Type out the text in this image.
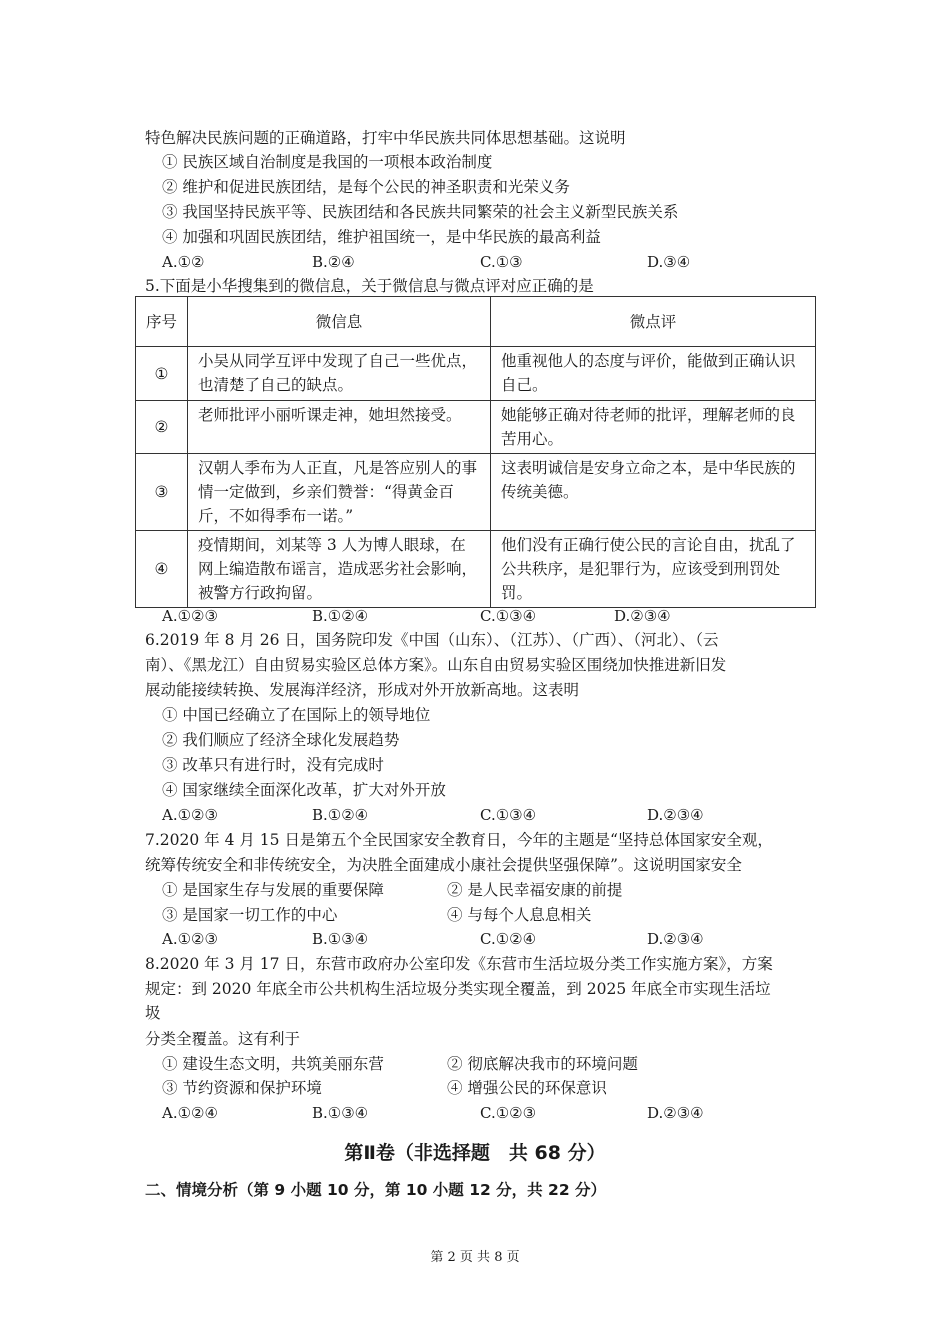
特色解决民族问题的正确道路，打牢中华民族共同体思想基础。这说明
① 民族区域自治制度是我国的一项根本政治制度
② 维护和促进民族团结，是每个公民的神圣职责和光荣义务
③ 我国坚持民族平等、民族团结和各民族共同繁荣的社会主义新型民族关系
④ 加强和巩固民族团结，维护祖国统一，是中华民族的最高利益
A.①②	B.②④	C.①③	D.③④
5.下面是小华搜集到的微信息，关于微信息与微点评对应正确的是
序号	微信息	微点评
①	小吴从同学互评中发现了自己一些优点，也清楚了自己的缺点。	他重视他人的态度与评价，能做到正确认识自己。
②	老师批评小丽听课走神，她坦然接受。	她能够正确对待老师的批评，理解老师的良苦用心。
③	汉朝人季布为人正直，凡是答应别人的事情一定做到，乡亲们赞誉：“得黄金百斤，不如得季布一诺。”	这表明诚信是安身立命之本，是中华民族的传统美德。
④	疫情期间，刘某等 3 人为博人眼球，在网上编造散布谣言，造成恶劣社会影响，被警方行政拘留。	他们没有正确行使公民的言论自由，扰乱了公共秩序，是犯罪行为，应该受到刑罚处罚。
A.①②③	B.①②④	C.①③④	D.②③④
6.2019 年 8 月 26 日，国务院印发《中国（山东）、（江苏）、（广西）、（河北）、（云
南）、《黑龙江）自由贸易实验区总体方案》。山东自由贸易实验区围绕加快推进新旧发
展动能接续转换、发展海洋经济，形成对外开放新高地。这表明
① 中国已经确立了在国际上的领导地位
② 我们顺应了经济全球化发展趋势
③ 改革只有进行时，没有完成时
④ 国家继续全面深化改革，扩大对外开放
A.①②③	B.①②④	C.①③④	D.②③④
7.2020 年 4 月 15 日是第五个全民国家安全教育日，今年的主题是“坚持总体国家安全观，
统筹传统安全和非传统安全，为决胜全面建成小康社会提供坚强保障”。这说明国家安全
① 是国家生存与发展的重要保障	② 是人民幸福安康的前提
③ 是国家一切工作的中心	④ 与每个人息息相关
A.①②③	B.①③④	C.①②④	D.②③④
8.2020 年 3 月 17 日，东营市政府办公室印发《东营市生活垃圾分类工作实施方案》，方案
规定：到 2020 年底全市公共机构生活垃圾分类实现全覆盖，到 2025 年底全市实现生活垃
圾
分类全覆盖。这有利于
① 建设生态文明，共筑美丽东营	② 彻底解决我市的环境问题
③ 节约资源和保护环境	④ 增强公民的环保意识
A.①②④	B.①③④	C.①②③	D.②③④
第Ⅱ卷（非选择题　共 68 分）
二、情境分析（第 9 小题 10 分，第 10 小题 12 分，共 22 分）
第 2 页 共 8 页
